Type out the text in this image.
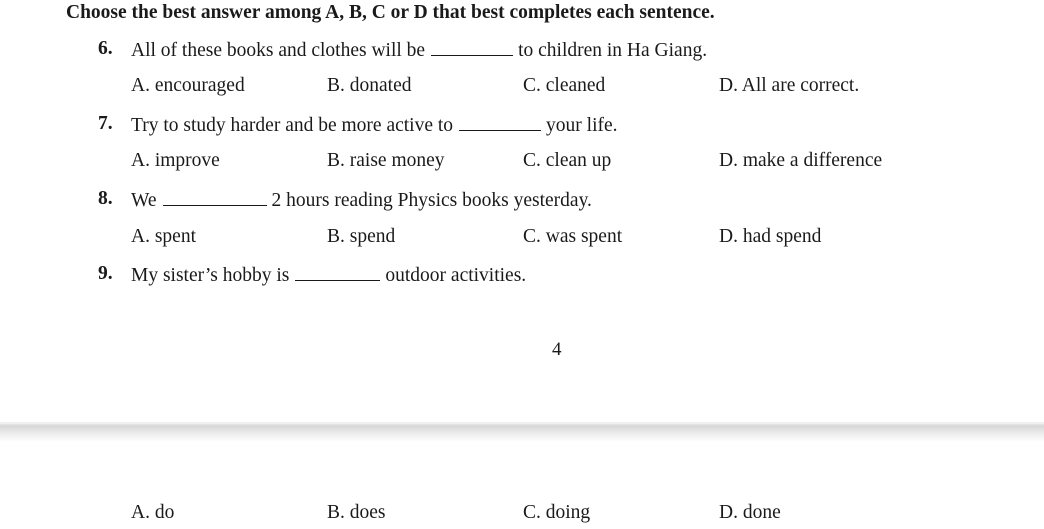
Choose the best answer among A, B, C or D that best completes each sentence.
6. All of these books and clothes will be	to children in Ha Giang.
A. encouraged	B. donated	C. cleaned	D. All are correct.
7. Try to study harder and be more active to	your life.
A. improve	B. raise money	C. clean up	D. make a difference
8. We	2 hours reading Physics books yesterday.
A. spent	B. spend	C. was spent	D. had spend
9. My sister’s hobby is	outdoor activities.
4
A. do	B. does	C. doing	D. done
